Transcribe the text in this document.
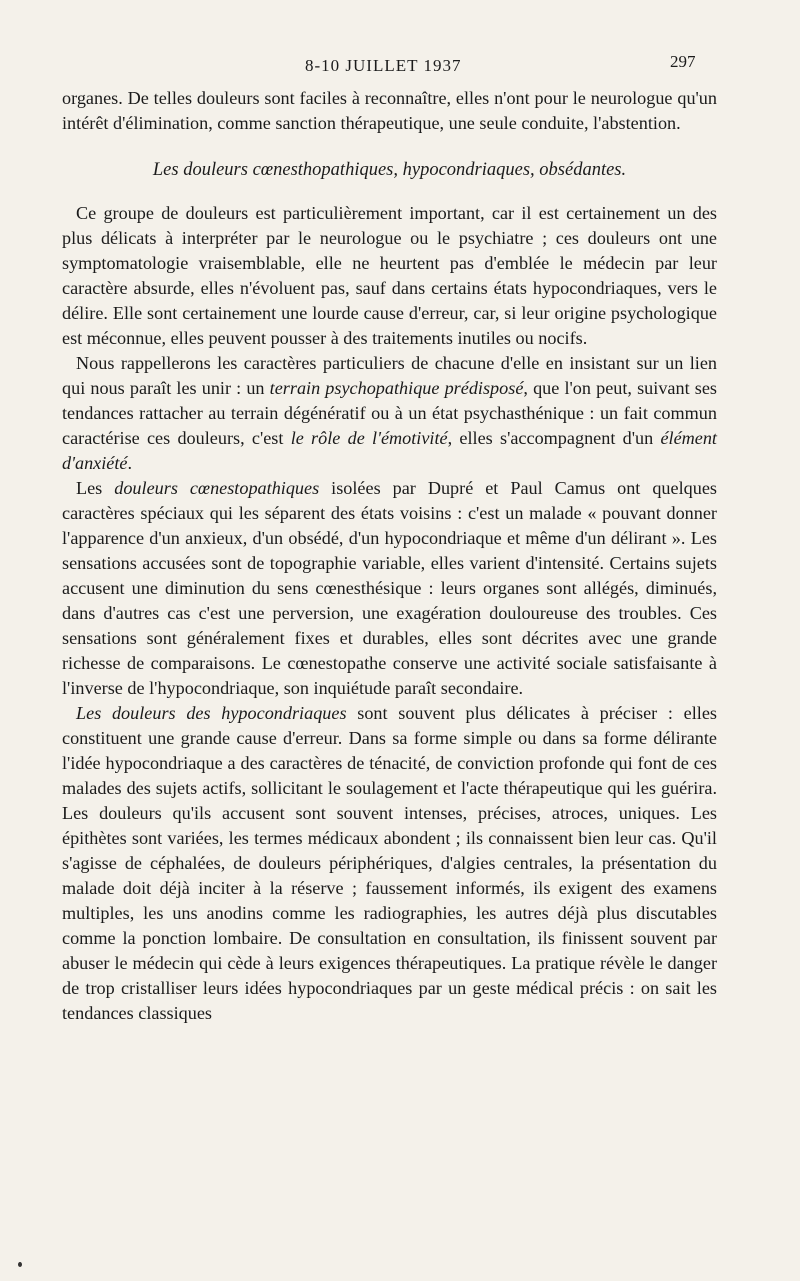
8-10 JUILLET 1937	297

organes. De telles douleurs sont faciles à reconnaître, elles n'ont pour le neurologue qu'un intérêt d'élimination, comme sanction thérapeutique, une seule conduite, l'abstention.

Les douleurs cœnesthopathiques, hypocondriaques, obsédantes.

Ce groupe de douleurs est particulièrement important, car il est certainement un des plus délicats à interpréter par le neurologue ou le psychiatre ; ces douleurs ont une symptomatologie vraisemblable, elle ne heurtent pas d'emblée le médecin par leur caractère absurde, elles n'évoluent pas, sauf dans certains états hypocondriaques, vers le délire. Elle sont certainement une lourde cause d'erreur, car, si leur origine psychologique est méconnue, elles peuvent pousser à des traitements inutiles ou nocifs.

Nous rappellerons les caractères particuliers de chacune d'elle en insistant sur un lien qui nous paraît les unir : un terrain psychopathique prédisposé, que l'on peut, suivant ses tendances rattacher au terrain dégénératif ou à un état psychasthénique : un fait commun caractérise ces douleurs, c'est le rôle de l'émotivité, elles s'accompagnent d'un élément d'anxiété.

Les douleurs cœnestopathiques isolées par Dupré et Paul Camus ont quelques caractères spéciaux qui les séparent des états voisins : c'est un malade « pouvant donner l'apparence d'un anxieux, d'un obsédé, d'un hypocondriaque et même d'un délirant ». Les sensations accusées sont de topographie variable, elles varient d'intensité. Certains sujets accusent une diminution du sens cœnesthésique : leurs organes sont allégés, diminués, dans d'autres cas c'est une perversion, une exagération douloureuse des troubles. Ces sensations sont généralement fixes et durables, elles sont décrites avec une grande richesse de comparaisons. Le cœnestopathe conserve une activité sociale satisfaisante à l'inverse de l'hypocondriaque, son inquiétude paraît secondaire.

Les douleurs des hypocondriaques sont souvent plus délicates à préciser : elles constituent une grande cause d'erreur. Dans sa forme simple ou dans sa forme délirante l'idée hypocondriaque a des caractères de ténacité, de conviction profonde qui font de ces malades des sujets actifs, sollicitant le soulagement et l'acte thérapeutique qui les guérira. Les douleurs qu'ils accusent sont souvent intenses, précises, atroces, uniques. Les épithètes sont variées, les termes médicaux abondent ; ils connaissent bien leur cas. Qu'il s'agisse de céphalées, de douleurs périphériques, d'algies centrales, la présentation du malade doit déjà inciter à la réserve ; faussement informés, ils exigent des examens multiples, les uns anodins comme les radiographies, les autres déjà plus discutables comme la ponction lombaire. De consultation en consultation, ils finissent souvent par abuser le médecin qui cède à leurs exigences thérapeutiques. La pratique révèle le danger de trop cristalliser leurs idées hypocondriaques par un geste médical précis : on sait les tendances classiques
